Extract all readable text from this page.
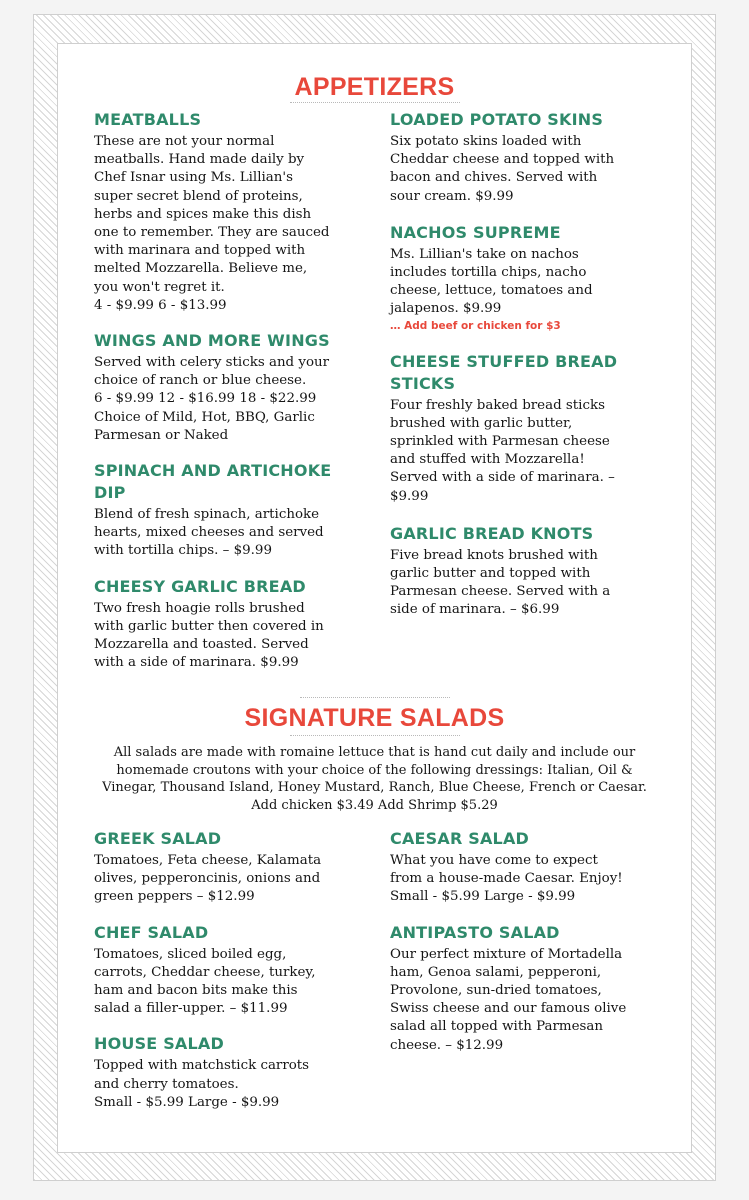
APPETIZERS
MEATBALLS

These are not your normal
meatballs. Hand made daily by
Chef Isnar using Ms. Lillian's
super secret blend of proteins,
herbs and spices make this dish
one to remember. They are sauced
with marinara and topped with
melted Mozzarella. Believe me,
you won't regret it.
4 - $9.99 6 - $13.99

WINGS AND MORE WINGS

Served with celery sticks and your
choice of ranch or blue cheese.
6 - $9.99 12 - $16.99 18 - $22.99
Choice of Mild, Hot, BBQ, Garlic
Parmesan or Naked

SPINACH AND ARTICHOKE
DIP

Blend of fresh spinach, artichoke
hearts, mixed cheeses and served
with tortilla chips. – $9.99

CHEESY GARLIC BREAD

Two fresh hoagie rolls brushed
with garlic butter then covered in
Mozzarella and toasted. Served
with a side of marinara. $9.99

LOADED POTATO SKINS

Six potato skins loaded with
Cheddar cheese and topped with
bacon and chives. Served with
sour cream. $9.99

NACHOS SUPREME

Ms. Lillian's take on nachos
includes tortilla chips, nacho
cheese, lettuce, tomatoes and
jalapenos. $9.99

… Add beef or chicken for $3
CHEESE STUFFED BREAD
STICKS

Four freshly baked bread sticks
brushed with garlic butter,
sprinkled with Parmesan cheese
and stuffed with Mozzarella!
Served with a side of marinara. –
$9.99

GARLIC BREAD KNOTS

Five bread knots brushed with
garlic butter and topped with
Parmesan cheese. Served with a
side of marinara. – $6.99

SIGNATURE SALADS

All salads are made with romaine lettuce that is hand cut daily and include our
homemade croutons with your choice of the following dressings: Italian, Oil &
Vinegar, Thousand Island, Honey Mustard, Ranch, Blue Cheese, French or Caesar.
Add chicken $3.49 Add Shrimp $5.29

GREEK SALAD

Tomatoes, Feta cheese, Kalamata
olives, pepperoncinis, onions and
green peppers – $12.99

CHEF SALAD

Tomatoes, sliced boiled egg,
carrots, Cheddar cheese, turkey,
ham and bacon bits make this
salad a filler-upper. – $11.99

HOUSE SALAD

Topped with matchstick carrots
and cherry tomatoes.
Small - $5.99 Large - $9.99

CAESAR SALAD

What you have come to expect
from a house-made Caesar. Enjoy!
Small - $5.99 Large - $9.99

ANTIPASTO SALAD

Our perfect mixture of Mortadella
ham, Genoa salami, pepperoni,
Provolone, sun-dried tomatoes,
Swiss cheese and our famous olive
salad all topped with Parmesan
cheese. – $12.99
